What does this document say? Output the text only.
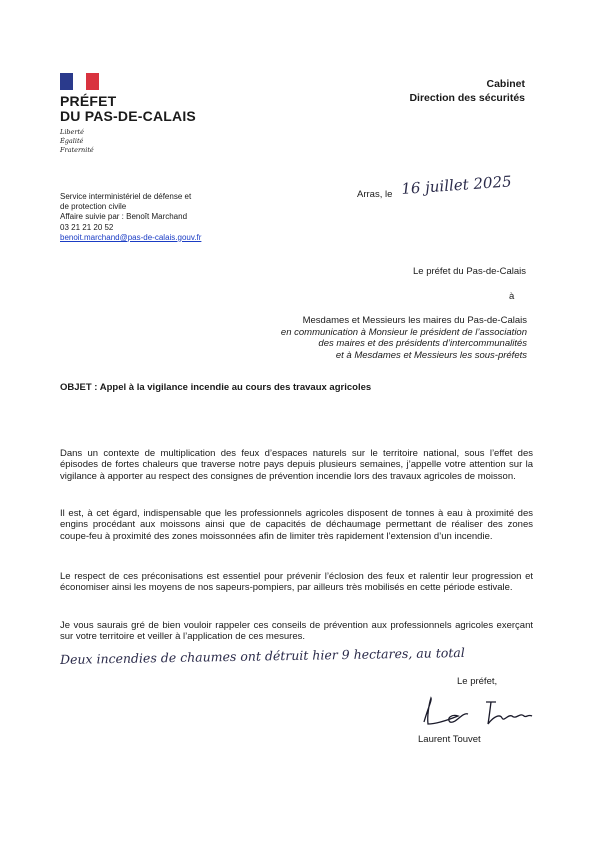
PRÉFET
DU PAS-DE-CALAIS
Liberté
Égalité
Fraternité
Cabinet
Direction des sécurités
Service interministériel de défense et
de protection civile
Affaire suivie par : Benoît Marchand
03 21 21 20 52
benoit.marchand@pas-de-calais.gouv.fr
Arras, le 16 juillet 2025
Le préfet du Pas-de-Calais
à
Mesdames et Messieurs les maires du Pas-de-Calais
en communication à Monsieur le président de l’association
des maires et des présidents d’intercommunalités
et à Mesdames et Messieurs les sous-préfets
OBJET : Appel à la vigilance incendie au cours des travaux agricoles
Dans un contexte de multiplication des feux d’espaces naturels sur le territoire national, sous l’effet des épisodes de fortes chaleurs que traverse notre pays depuis plusieurs semaines, j’appelle votre attention sur la vigilance à apporter au respect des consignes de prévention incendie lors des travaux agricoles de moisson.
Il est, à cet égard, indispensable que les professionnels agricoles disposent de tonnes à eau à proximité des engins procédant aux moissons ainsi que de capacités de déchaumage permettant de réaliser des zones coupe-feu à proximité des zones moissonnées afin de limiter très rapidement l’extension d’un incendie.
Le respect de ces préconisations est essentiel pour prévenir l’éclosion des feux et ralentir leur progression et économiser ainsi les moyens de nos sapeurs-pompiers, par ailleurs très mobilisés en cette période estivale.
Je vous saurais gré de bien vouloir rappeler ces conseils de prévention aux professionnels agricoles exerçant sur votre territoire et veiller à l’application de ces mesures.
Deux incendies de chaumes ont détruit hier 9 hectares, au total
Le préfet,
Laurent Touvet
